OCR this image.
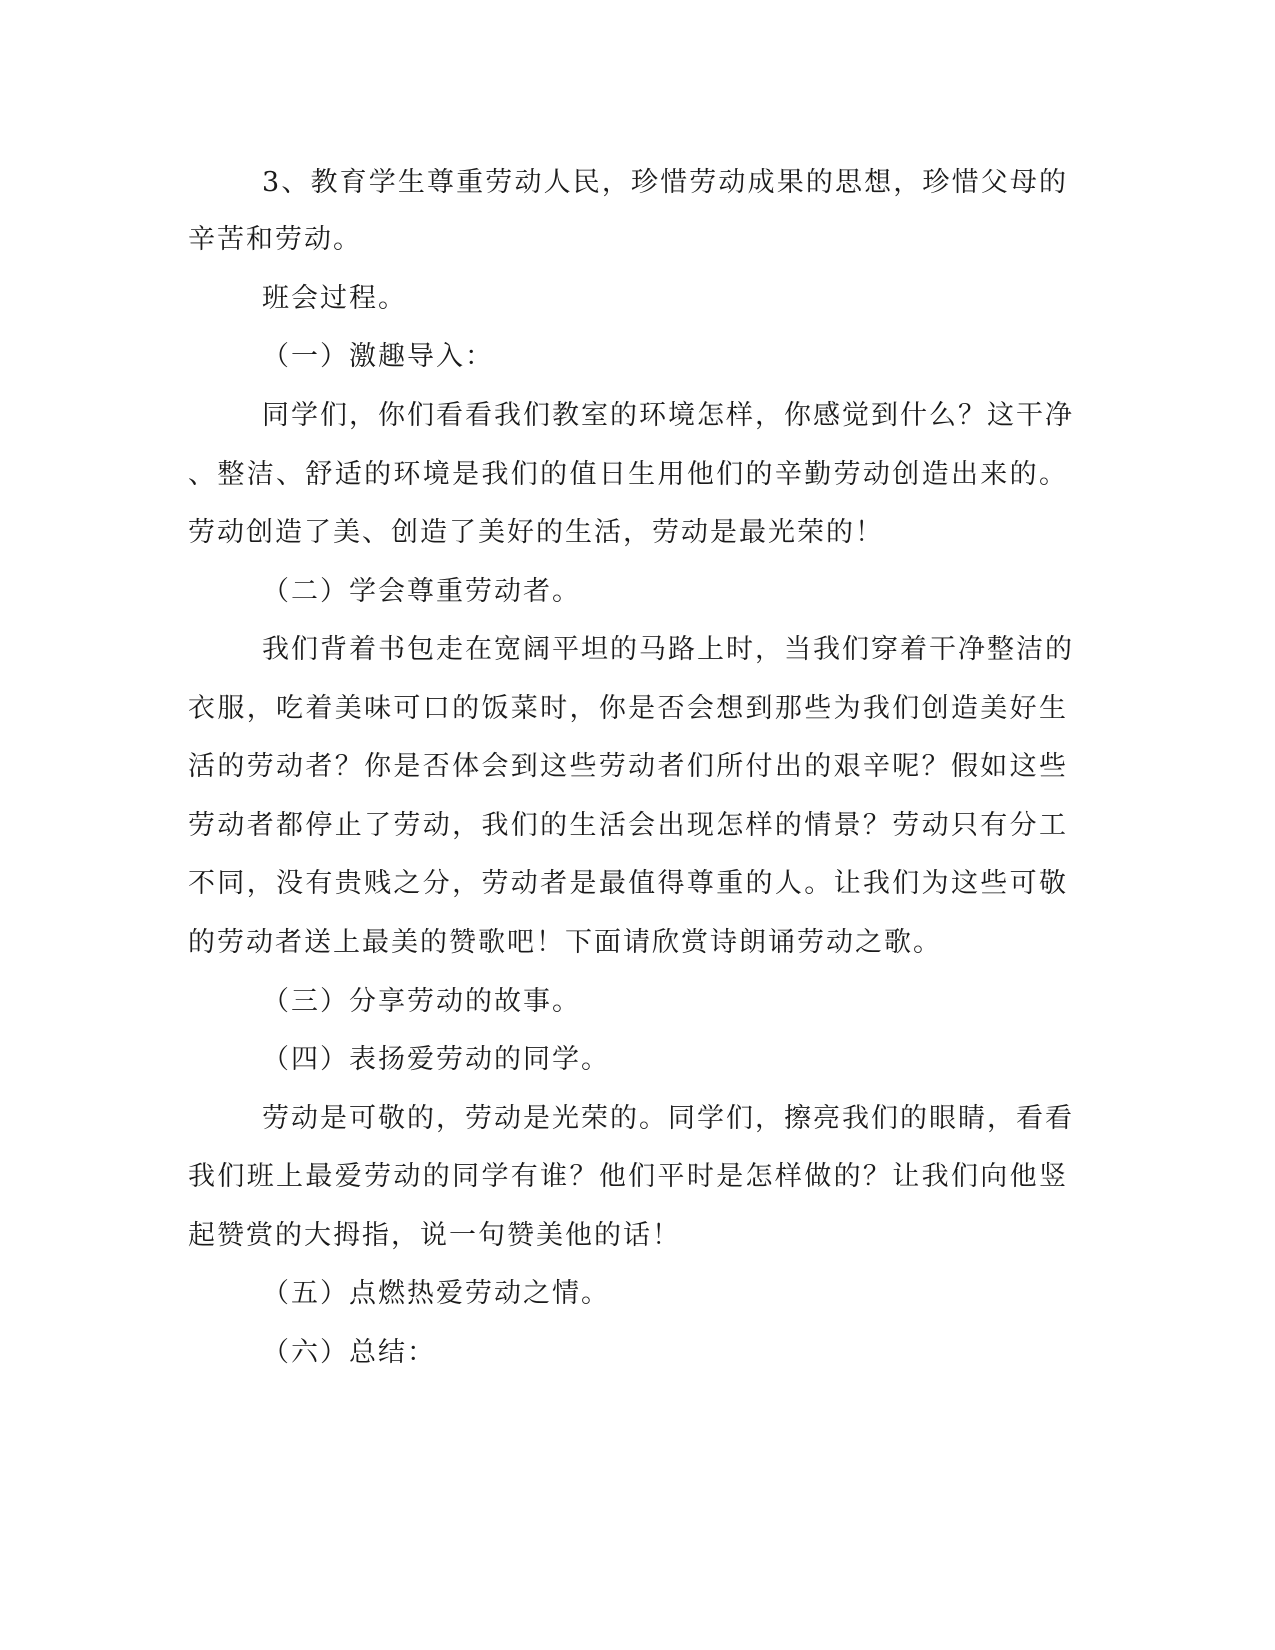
3、教育学生尊重劳动人民，珍惜劳动成果的思想，珍惜父母的
辛苦和劳动。
班会过程。
（一）激趣导入：
同学们，你们看看我们教室的环境怎样，你感觉到什么？这干净
、整洁、舒适的环境是我们的值日生用他们的辛勤劳动创造出来的。
劳动创造了美、创造了美好的生活，劳动是最光荣的！
（二）学会尊重劳动者。
我们背着书包走在宽阔平坦的马路上时，当我们穿着干净整洁的
衣服，吃着美味可口的饭菜时，你是否会想到那些为我们创造美好生
活的劳动者？你是否体会到这些劳动者们所付出的艰辛呢？假如这些
劳动者都停止了劳动，我们的生活会出现怎样的情景？劳动只有分工
不同，没有贵贱之分，劳动者是最值得尊重的人。让我们为这些可敬
的劳动者送上最美的赞歌吧！下面请欣赏诗朗诵劳动之歌。
（三）分享劳动的故事。
（四）表扬爱劳动的同学。
劳动是可敬的，劳动是光荣的。同学们，擦亮我们的眼睛，看看
我们班上最爱劳动的同学有谁？他们平时是怎样做的？让我们向他竖
起赞赏的大拇指，说一句赞美他的话！
（五）点燃热爱劳动之情。
（六）总结：
